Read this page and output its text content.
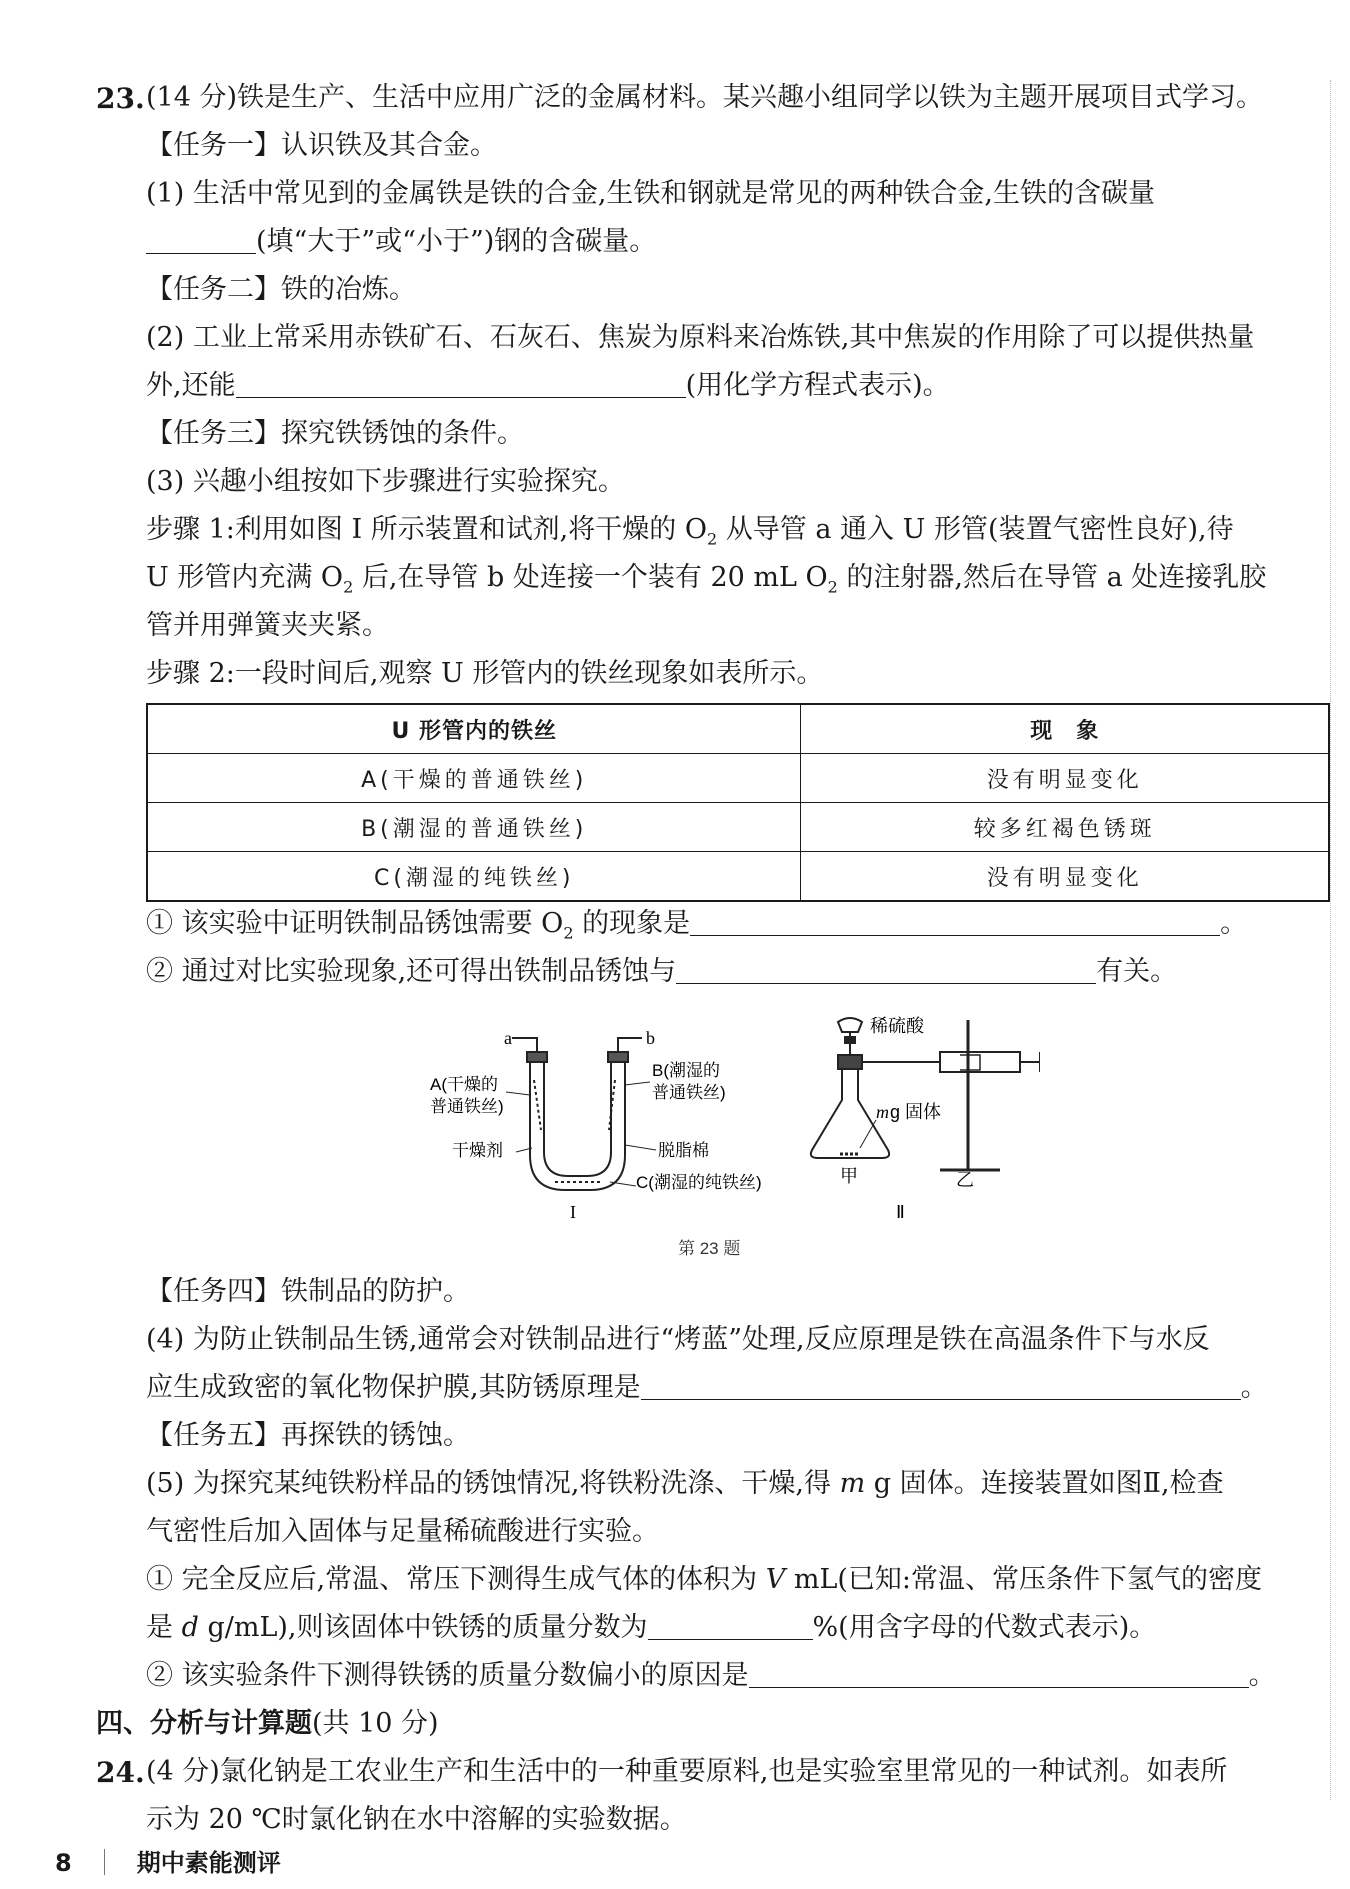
23. (14 分)铁是生产、生活中应用广泛的金属材料。某兴趣小组同学以铁为主题开展项目式学习。
【任务一】认识铁及其合金。
(1) 生活中常见到的金属铁是铁的合金,生铁和钢就是常见的两种铁合金,生铁的含碳量
(填“大于”或“小于”)钢的含碳量。
【任务二】铁的冶炼。
(2) 工业上常采用赤铁矿石、石灰石、焦炭为原料来冶炼铁,其中焦炭的作用除了可以提供热量
外,还能	(用化学方程式表示)。
【任务三】探究铁锈蚀的条件。
(3) 兴趣小组按如下步骤进行实验探究。
步骤 1:利用如图 I 所示装置和试剂,将干燥的 $O_2$ 从导管 a 通入 U 形管(装置气密性良好),待
U 形管内充满 $O_2$ 后,在导管 b 处连接一个装有 20 mL $O_2$ 的注射器,然后在导管 a 处连接乳胶
管并用弹簧夹夹紧。
步骤 2:一段时间后,观察 U 形管内的铁丝现象如表所示。
U 形管内的铁丝	现　象
A(干燥的普通铁丝)	没有明显变化
B(潮湿的普通铁丝)	较多红褐色锈斑
C(潮湿的纯铁丝)	没有明显变化
① 该实验中证明铁制品锈蚀需要 $O_2$ 的现象是	。
② 通过对比实验现象,还可得出铁制品锈蚀与	有关。
a	b
A(干燥的
普通铁丝)
B(潮湿的
普通铁丝)
干燥剂	脱脂棉
C(潮湿的纯铁丝)
I
稀硫酸
m g 固体
甲	乙
Ⅱ
第 23 题
【任务四】铁制品的防护。
(4) 为防止铁制品生锈,通常会对铁制品进行“烤蓝”处理,反应原理是铁在高温条件下与水反
应生成致密的氧化物保护膜,其防锈原理是	。
【任务五】再探铁的锈蚀。
(5) 为探究某纯铁粉样品的锈蚀情况,将铁粉洗涤、干燥,得 m g 固体。连接装置如图Ⅱ,检查
气密性后加入固体与足量稀硫酸进行实验。
① 完全反应后,常温、常压下测得生成气体的体积为 V mL(已知:常温、常压条件下氢气的密度
是 d g/mL),则该固体中铁锈的质量分数为	%(用含字母的代数式表示)。
② 该实验条件下测得铁锈的质量分数偏小的原因是	。
四、分析与计算题(共 10 分)
24. (4 分)氯化钠是工农业生产和生活中的一种重要原料,也是实验室里常见的一种试剂。如表所
示为 20 ℃时氯化钠在水中溶解的实验数据。
8	期中素能测评
